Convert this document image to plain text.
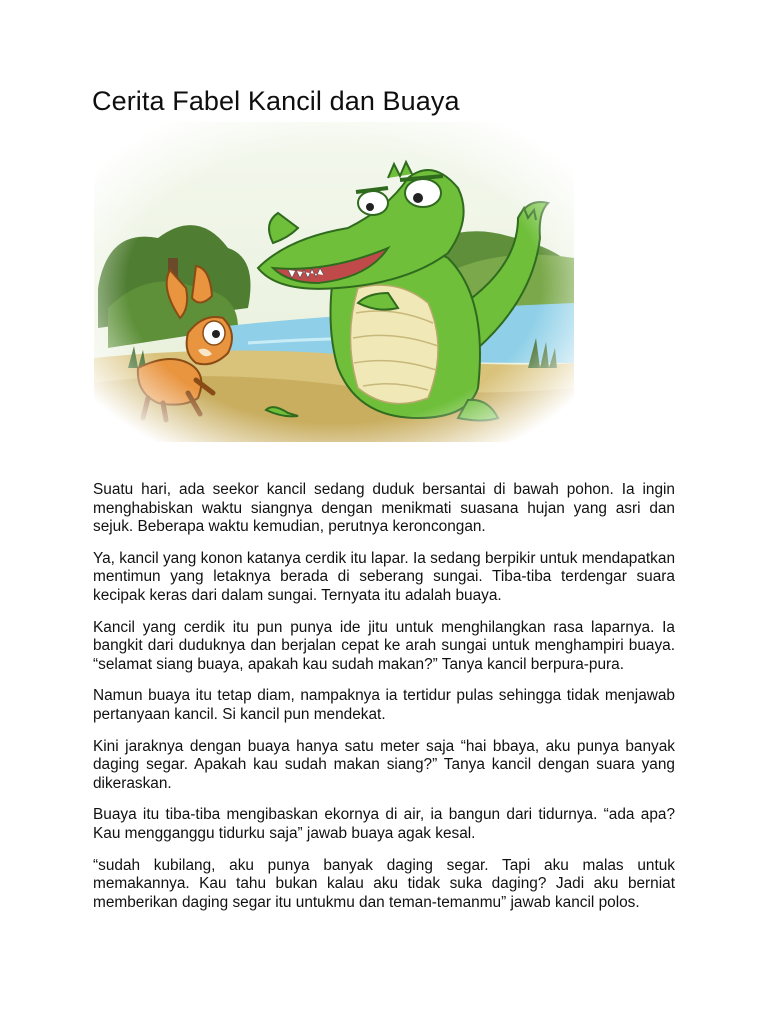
Cerita Fabel Kancil dan Buaya

Suatu hari, ada seekor kancil sedang duduk bersantai di bawah pohon. Ia ingin menghabiskan waktu siangnya dengan menikmati suasana hujan yang asri dan sejuk. Beberapa waktu kemudian, perutnya keroncongan.

Ya, kancil yang konon katanya cerdik itu lapar. Ia sedang berpikir untuk mendapatkan mentimun yang letaknya berada di seberang sungai. Tiba-tiba terdengar suara kecipak keras dari dalam sungai. Ternyata itu adalah buaya.

Kancil yang cerdik itu pun punya ide jitu untuk menghilangkan rasa laparnya. Ia bangkit dari duduknya dan berjalan cepat ke arah sungai untuk menghampiri buaya. “selamat siang buaya, apakah kau sudah makan?” Tanya kancil berpura-pura.

Namun buaya itu tetap diam, nampaknya ia tertidur pulas sehingga tidak menjawab pertanyaan kancil. Si kancil pun mendekat.

Kini jaraknya dengan buaya hanya satu meter saja “hai bbaya, aku punya banyak daging segar. Apakah kau sudah makan siang?” Tanya kancil dengan suara yang dikeraskan.

Buaya itu tiba-tiba mengibaskan ekornya di air, ia bangun dari tidurnya. “ada apa? Kau mengganggu tidurku saja” jawab buaya agak kesal.

“sudah kubilang, aku punya banyak daging segar. Tapi aku malas untuk memakannya. Kau tahu bukan kalau aku tidak suka daging? Jadi aku berniat memberikan daging segar itu untukmu dan teman-temanmu” jawab kancil polos.
